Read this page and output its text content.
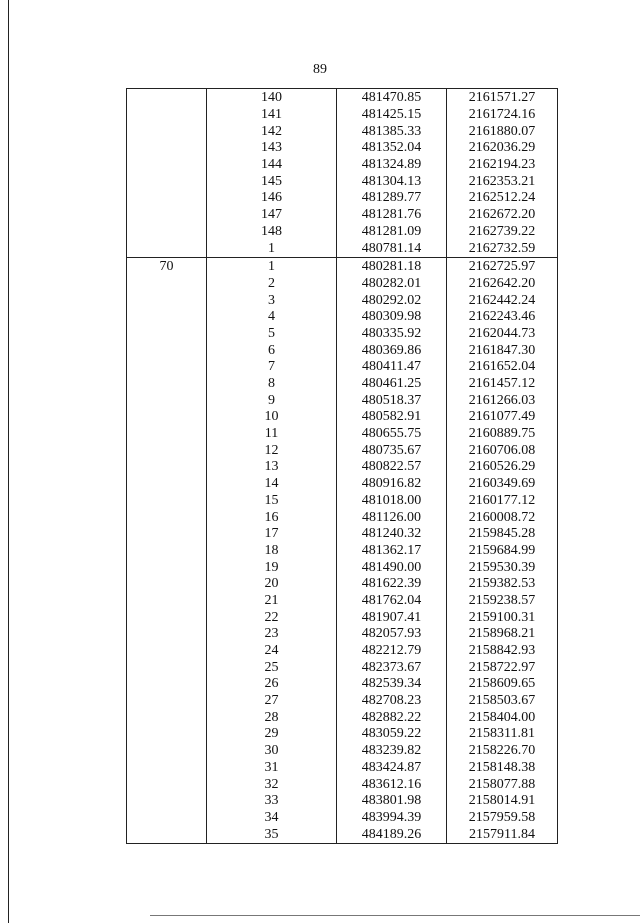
89
	140	481470.85	2161571.27
	141	481425.15	2161724.16
	142	481385.33	2161880.07
	143	481352.04	2162036.29
	144	481324.89	2162194.23
	145	481304.13	2162353.21
	146	481289.77	2162512.24
	147	481281.76	2162672.20
	148	481281.09	2162739.22
	1	480781.14	2162732.59
70	1	480281.18	2162725.97
	2	480282.01	2162642.20
	3	480292.02	2162442.24
	4	480309.98	2162243.46
	5	480335.92	2162044.73
	6	480369.86	2161847.30
	7	480411.47	2161652.04
	8	480461.25	2161457.12
	9	480518.37	2161266.03
	10	480582.91	2161077.49
	11	480655.75	2160889.75
	12	480735.67	2160706.08
	13	480822.57	2160526.29
	14	480916.82	2160349.69
	15	481018.00	2160177.12
	16	481126.00	2160008.72
	17	481240.32	2159845.28
	18	481362.17	2159684.99
	19	481490.00	2159530.39
	20	481622.39	2159382.53
	21	481762.04	2159238.57
	22	481907.41	2159100.31
	23	482057.93	2158968.21
	24	482212.79	2158842.93
	25	482373.67	2158722.97
	26	482539.34	2158609.65
	27	482708.23	2158503.67
	28	482882.22	2158404.00
	29	483059.22	2158311.81
	30	483239.82	2158226.70
	31	483424.87	2158148.38
	32	483612.16	2158077.88
	33	483801.98	2158014.91
	34	483994.39	2157959.58
	35	484189.26	2157911.84
